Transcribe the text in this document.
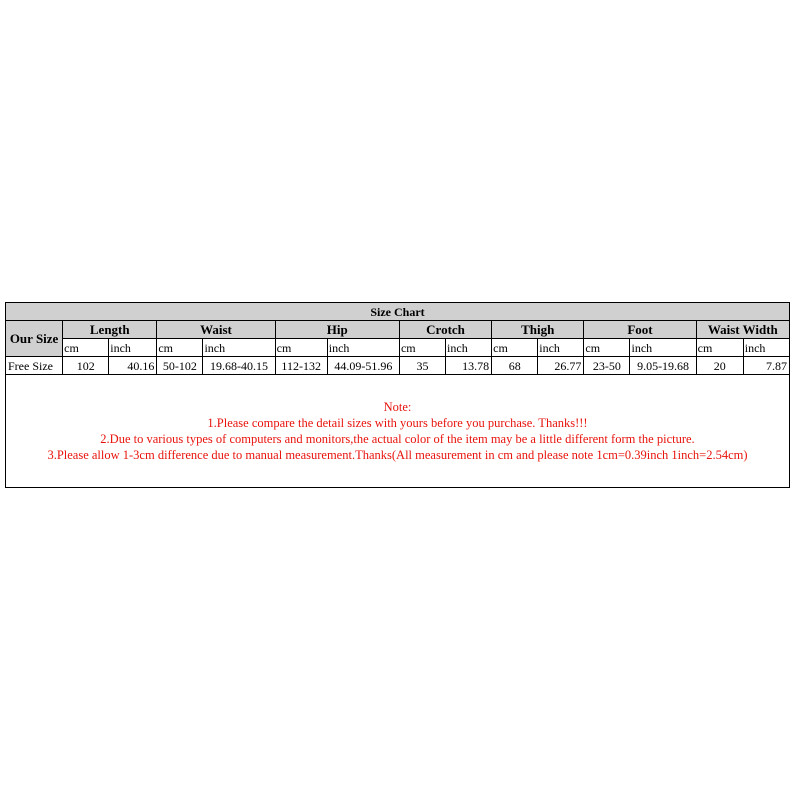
Size Chart														
Our Size	Length		Waist		Hip		Crotch		Thigh		Foot		Waist Width	
	cm	inch	cm	inch	cm	inch	cm	inch	cm	inch	cm	inch	cm	inch
Free Size	102	40.16	50-102	19.68-40.15	112-132	44.09-51.96	35	13.78	68	26.77	23-50	9.05-19.68	20	7.87

Note:
1.Please compare the detail sizes with yours before you purchase. Thanks!!!
2.Due to various types of computers and monitors,the actual color of the item may be a little different form the picture.
3.Please allow 1-3cm difference due to manual measurement.Thanks(All measurement in cm and please note 1cm=0.39inch 1inch=2.54cm)														
